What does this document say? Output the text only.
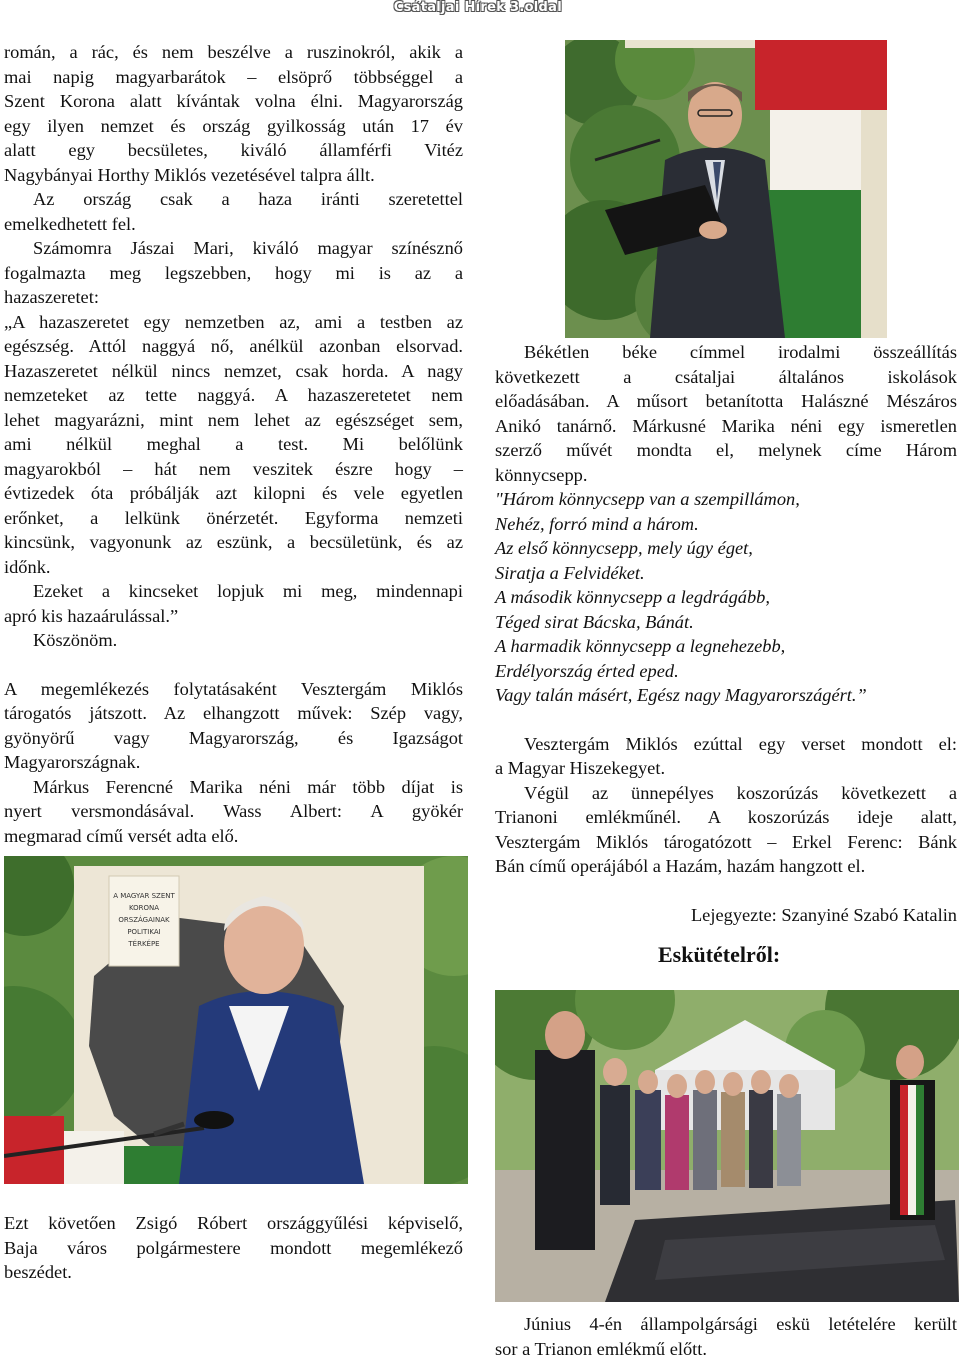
Csátaljai Hírek 3.oldal

román, a rác, és nem beszélve a ruszinokról, akik a

mai napig magyarbarátok – elsöprő többséggel a

Szent Korona alatt kívántak volna élni. Magyarország

egy ilyen nemzet és ország gyilkosság után 17 év

alatt egy becsületes, kiváló államférfi Vitéz

Nagybányai Horthy Miklós vezetésével talpra állt.

Az ország csak a haza iránti szeretettel

emelkedhetett fel.

Számomra Jászai Mari, kiváló magyar színésznő

fogalmazta meg legszebben, hogy mi is az a

hazaszeretet:

„A hazaszeretet egy nemzetben az, ami a testben az

egészség. Attól naggyá nő, anélkül azonban elsorvad.

Hazaszeretet nélkül nincs nemzet, csak horda. A nagy

nemzeteket az tette naggyá. A hazaszeretetet nem

lehet magyarázni, mint nem lehet az egészséget sem,

ami nélkül meghal a test. Mi belőlünk

magyarokból – hát nem veszitek észre hogy –

évtizedek óta próbálják azt kilopni és vele egyetlen

erőnket, a lelkünk önérzetét. Egyforma nemzeti

kincsünk, vagyonunk az eszünk, a becsületünk, és az

időnk.

Ezeket a kincseket lopjuk mi meg, mindennapi

apró kis hazaárulással.”

Köszönöm.

A megemlékezés folytatásaként Vesztergám Miklós

tárogatós játszott. Az elhangzott művek: Szép vagy,

gyönyörű vagy Magyarország, és Igazságot

Magyarországnak.

Márkus Ferencné Marika néni már több díjat is

nyert versmondásával. Wass Albert: A gyökér

megmarad című versét adta elő.

Békétlen béke címmel irodalmi összeállítás

következett a csátaljai általános iskolások

előadásában. A műsort betanította Halászné Mészáros

Anikó tanárnő. Márkusné Marika néni egy ismeretlen

szerző művét mondta el, melynek címe Három

könnycsepp.

"Három könnycsepp van a szempillámon,

Nehéz, forró mind a három.

Az első könnycsepp, mely úgy éget,

Siratja a Felvidéket.

A második könnycsepp a legdrágább,

Téged sirat Bácska, Bánát.

A harmadik könnycsepp a legnehezebb,

Erdélyország érted eped.

Vagy talán másért, Egész nagy Magyarországért.”

Vesztergám Miklós ezúttal egy verset mondott el:

a Magyar Hiszekegyet.

Végül az ünnepélyes koszorúzás következett a

Trianoni emlékműnél. A koszorúzás ideje alatt,

Vesztergám Miklós tárogatózott – Erkel Ferenc: Bánk

Bán című operájából a Hazám, hazám hangzott el.

Lejegyezte: Szanyiné Szabó Katalin

Eskütételről:
A MAGYAR SZENT
KORONA
ORSZÁGAINAK
POLITIKAI
TÉRKÉPE

Ezt követően Zsigó Róbert országgyűlési képviselő,

Baja város polgármestere mondott megemlékező

beszédet.

Június 4-én állampolgársági eskü letételére került

sor a Trianon emlékmű előtt.
